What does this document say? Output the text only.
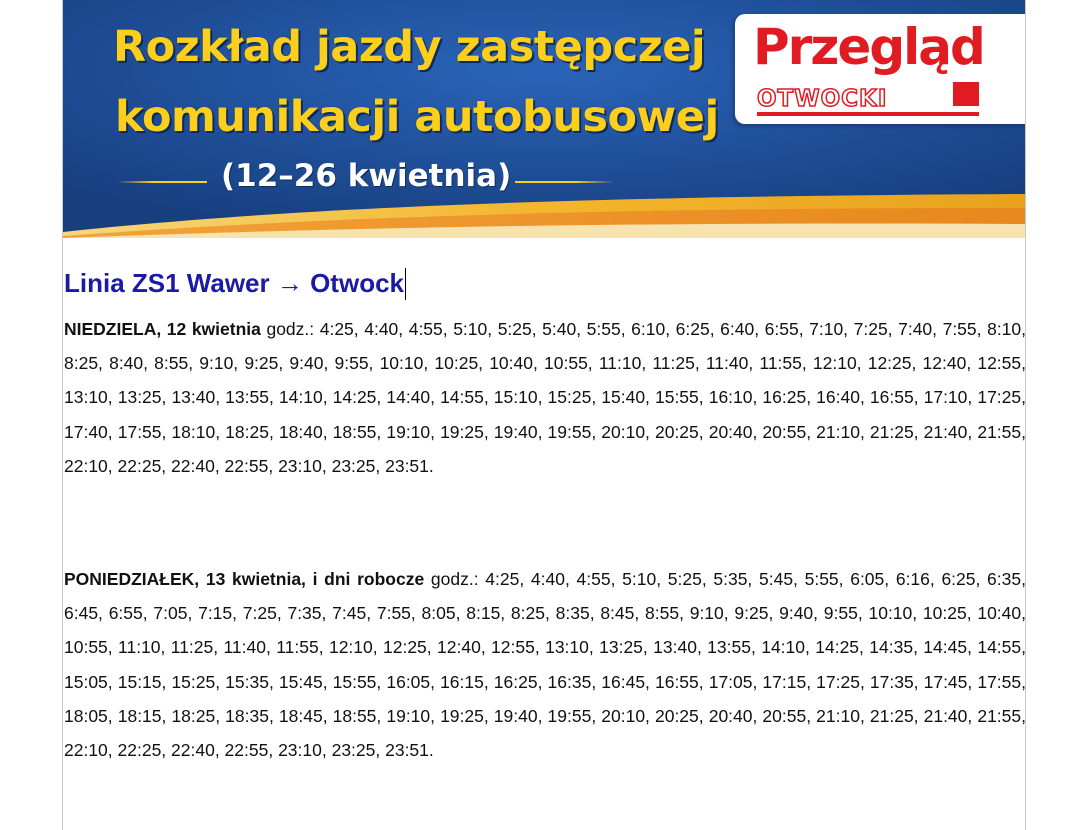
Rozkład jazdy zastępczej
komunikacji autobusowej
(12–26 kwietnia)
Przegląd
OTWOCKI
Linia ZS1 Wawer → Otwock

NIEDZIELA, 12 kwietnia godz.: 4:25, 4:40, 4:55, 5:10, 5:25, 5:40, 5:55, 6:10, 6:25, 6:40, 6:55, 7:10, 7:25, 7:40, 7:55, 8:10, 8:25, 8:40, 8:55, 9:10, 9:25, 9:40, 9:55, 10:10, 10:25, 10:40, 10:55, 11:10, 11:25, 11:40, 11:55, 12:10, 12:25, 12:40, 12:55, 13:10, 13:25, 13:40, 13:55, 14:10, 14:25, 14:40, 14:55, 15:10, 15:25, 15:40, 15:55, 16:10, 16:25, 16:40, 16:55, 17:10, 17:25, 17:40, 17:55, 18:10, 18:25, 18:40, 18:55, 19:10, 19:25, 19:40, 19:55, 20:10, 20:25, 20:40, 20:55, 21:10, 21:25, 21:40, 21:55, 22:10, 22:25, 22:40, 22:55, 23:10, 23:25, 23:51.

PONIEDZIAŁEK, 13 kwietnia, i dni robocze godz.: 4:25, 4:40, 4:55, 5:10, 5:25, 5:35, 5:45, 5:55, 6:05, 6:16, 6:25, 6:35, 6:45, 6:55, 7:05, 7:15, 7:25, 7:35, 7:45, 7:55, 8:05, 8:15, 8:25, 8:35, 8:45, 8:55, 9:10, 9:25, 9:40, 9:55, 10:10, 10:25, 10:40, 10:55, 11:10, 11:25, 11:40, 11:55, 12:10, 12:25, 12:40, 12:55, 13:10, 13:25, 13:40, 13:55, 14:10, 14:25, 14:35, 14:45, 14:55, 15:05, 15:15, 15:25, 15:35, 15:45, 15:55, 16:05, 16:15, 16:25, 16:35, 16:45, 16:55, 17:05, 17:15, 17:25, 17:35, 17:45, 17:55, 18:05, 18:15, 18:25, 18:35, 18:45, 18:55, 19:10, 19:25, 19:40, 19:55, 20:10, 20:25, 20:40, 20:55, 21:10, 21:25, 21:40, 21:55, 22:10, 22:25, 22:40, 22:55, 23:10, 23:25, 23:51.
